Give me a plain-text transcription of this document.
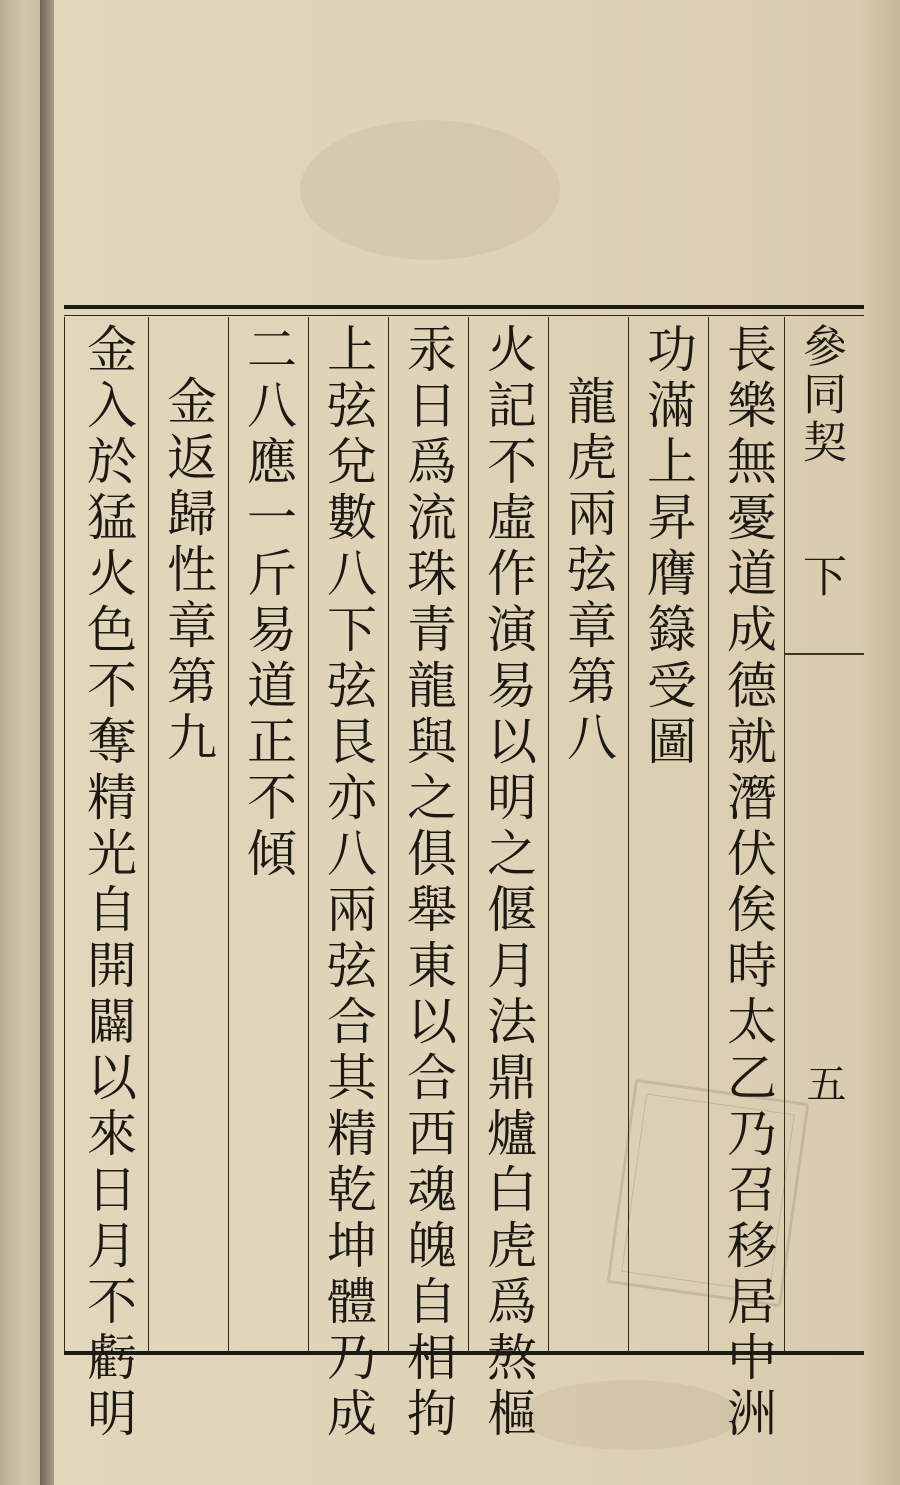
長樂無憂道成德就潛伏俟時太乙乃召移居中洲
功滿上昇膺籙受圖
龍虎兩弦章第八
火記不虛作演易以明之偃月法鼎爐白虎爲熬樞
汞日爲流珠青龍與之俱舉東以合西魂魄自相拘
上弦兌數八下弦艮亦八兩弦合其精乾坤體乃成
二八應一斤易道正不傾
金返歸性章第九
金入於猛火色不奪精光自開闢以來日月不虧明	參同契
下
五
